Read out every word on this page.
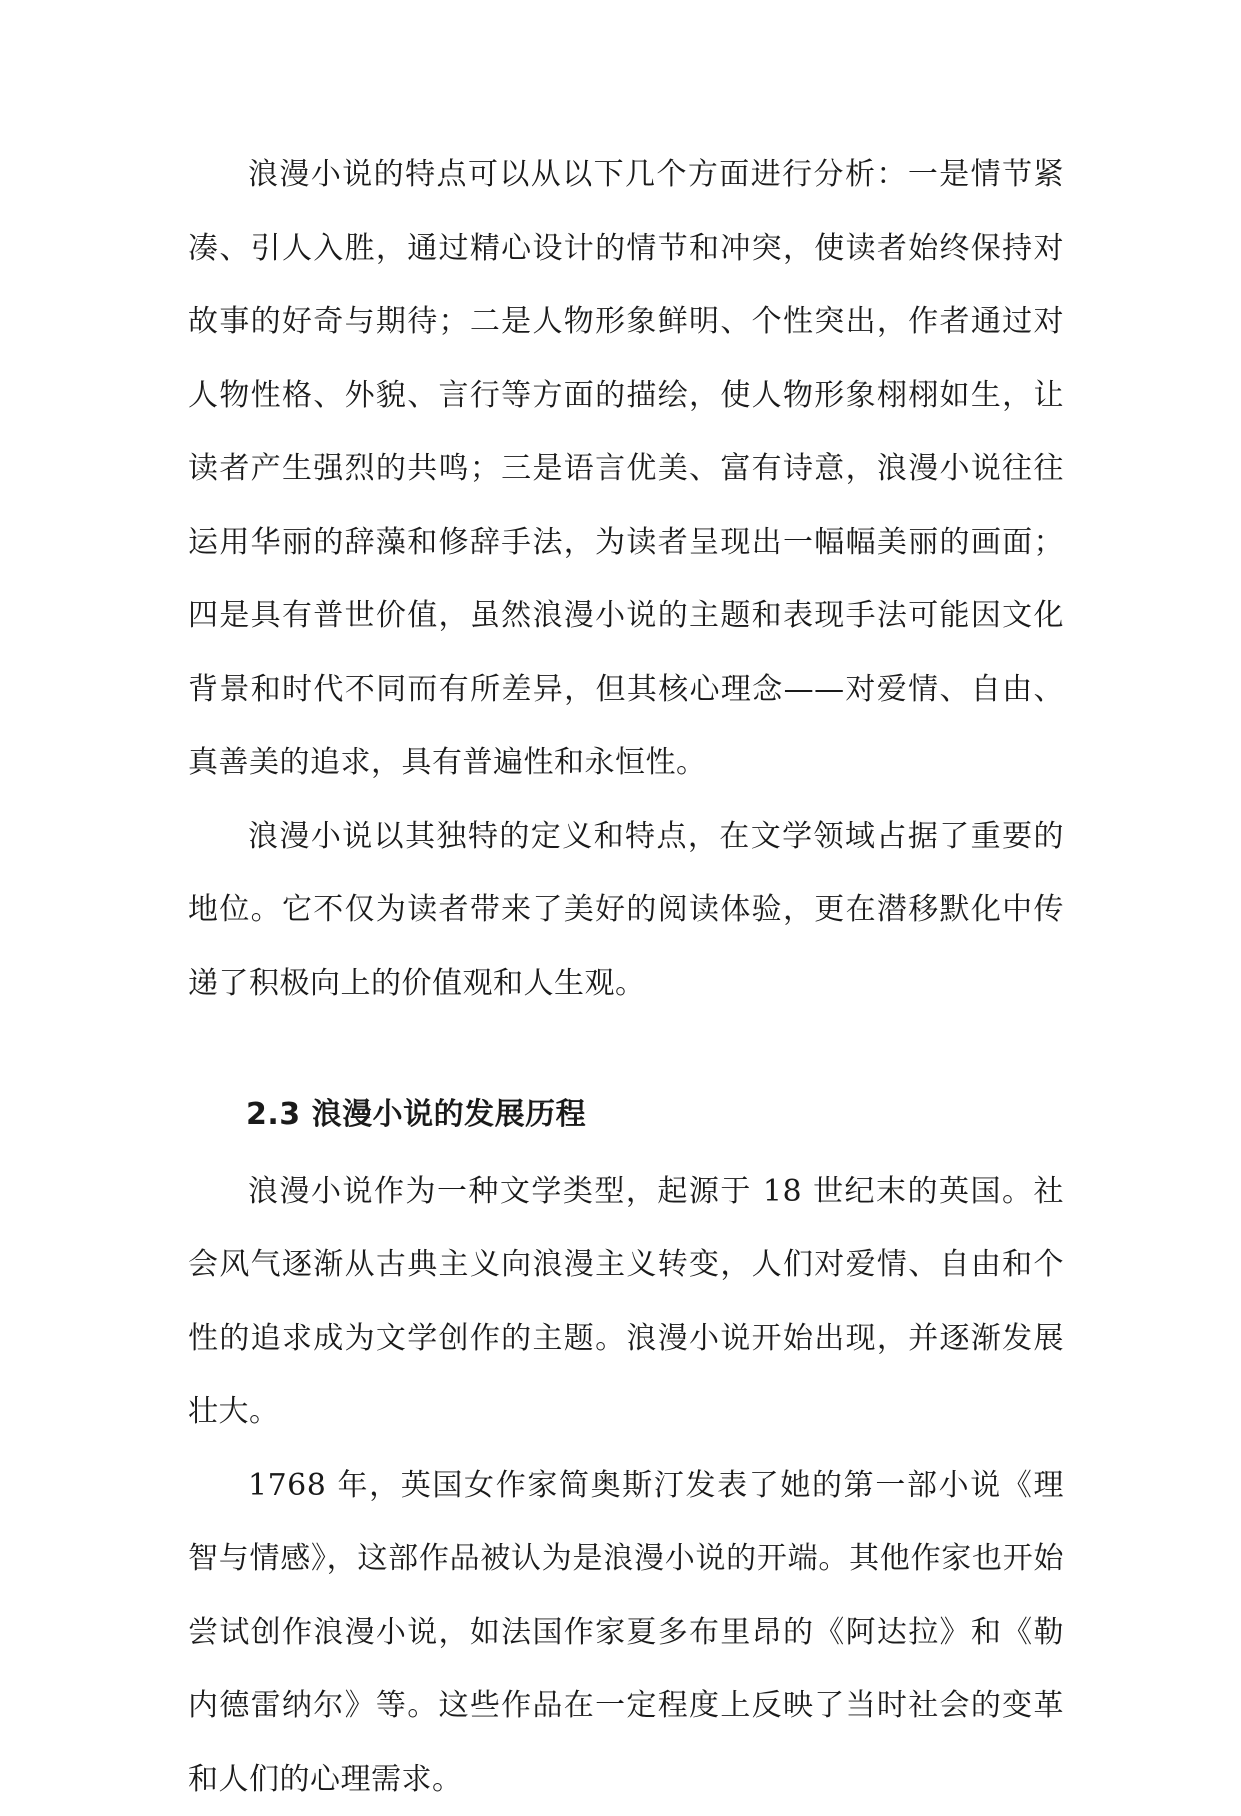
浪漫小说的特点可以从以下几个方面进行分析：一是情节紧凑、引人入胜，通过精心设计的情节和冲突，使读者始终保持对故事的好奇与期待；二是人物形象鲜明、个性突出，作者通过对人物性格、外貌、言行等方面的描绘，使人物形象栩栩如生，让读者产生强烈的共鸣；三是语言优美、富有诗意，浪漫小说往往运用华丽的辞藻和修辞手法，为读者呈现出一幅幅美丽的画面；四是具有普世价值，虽然浪漫小说的主题和表现手法可能因文化背景和时代不同而有所差异，但其核心理念——对爱情、自由、真善美的追求，具有普遍性和永恒性。

浪漫小说以其独特的定义和特点，在文学领域占据了重要的地位。它不仅为读者带来了美好的阅读体验，更在潜移默化中传递了积极向上的价值观和人生观。

2.3 浪漫小说的发展历程

浪漫小说作为一种文学类型，起源于 18 世纪末的英国。社会风气逐渐从古典主义向浪漫主义转变，人们对爱情、自由和个性的追求成为文学创作的主题。浪漫小说开始出现，并逐渐发展壮大。

1768 年，英国女作家简奥斯汀发表了她的第一部小说《理智与情感》，这部作品被认为是浪漫小说的开端。其他作家也开始尝试创作浪漫小说，如法国作家夏多布里昂的《阿达拉》和《勒内德雷纳尔》等。这些作品在一定程度上反映了当时社会的变革和人们的心理需求。
